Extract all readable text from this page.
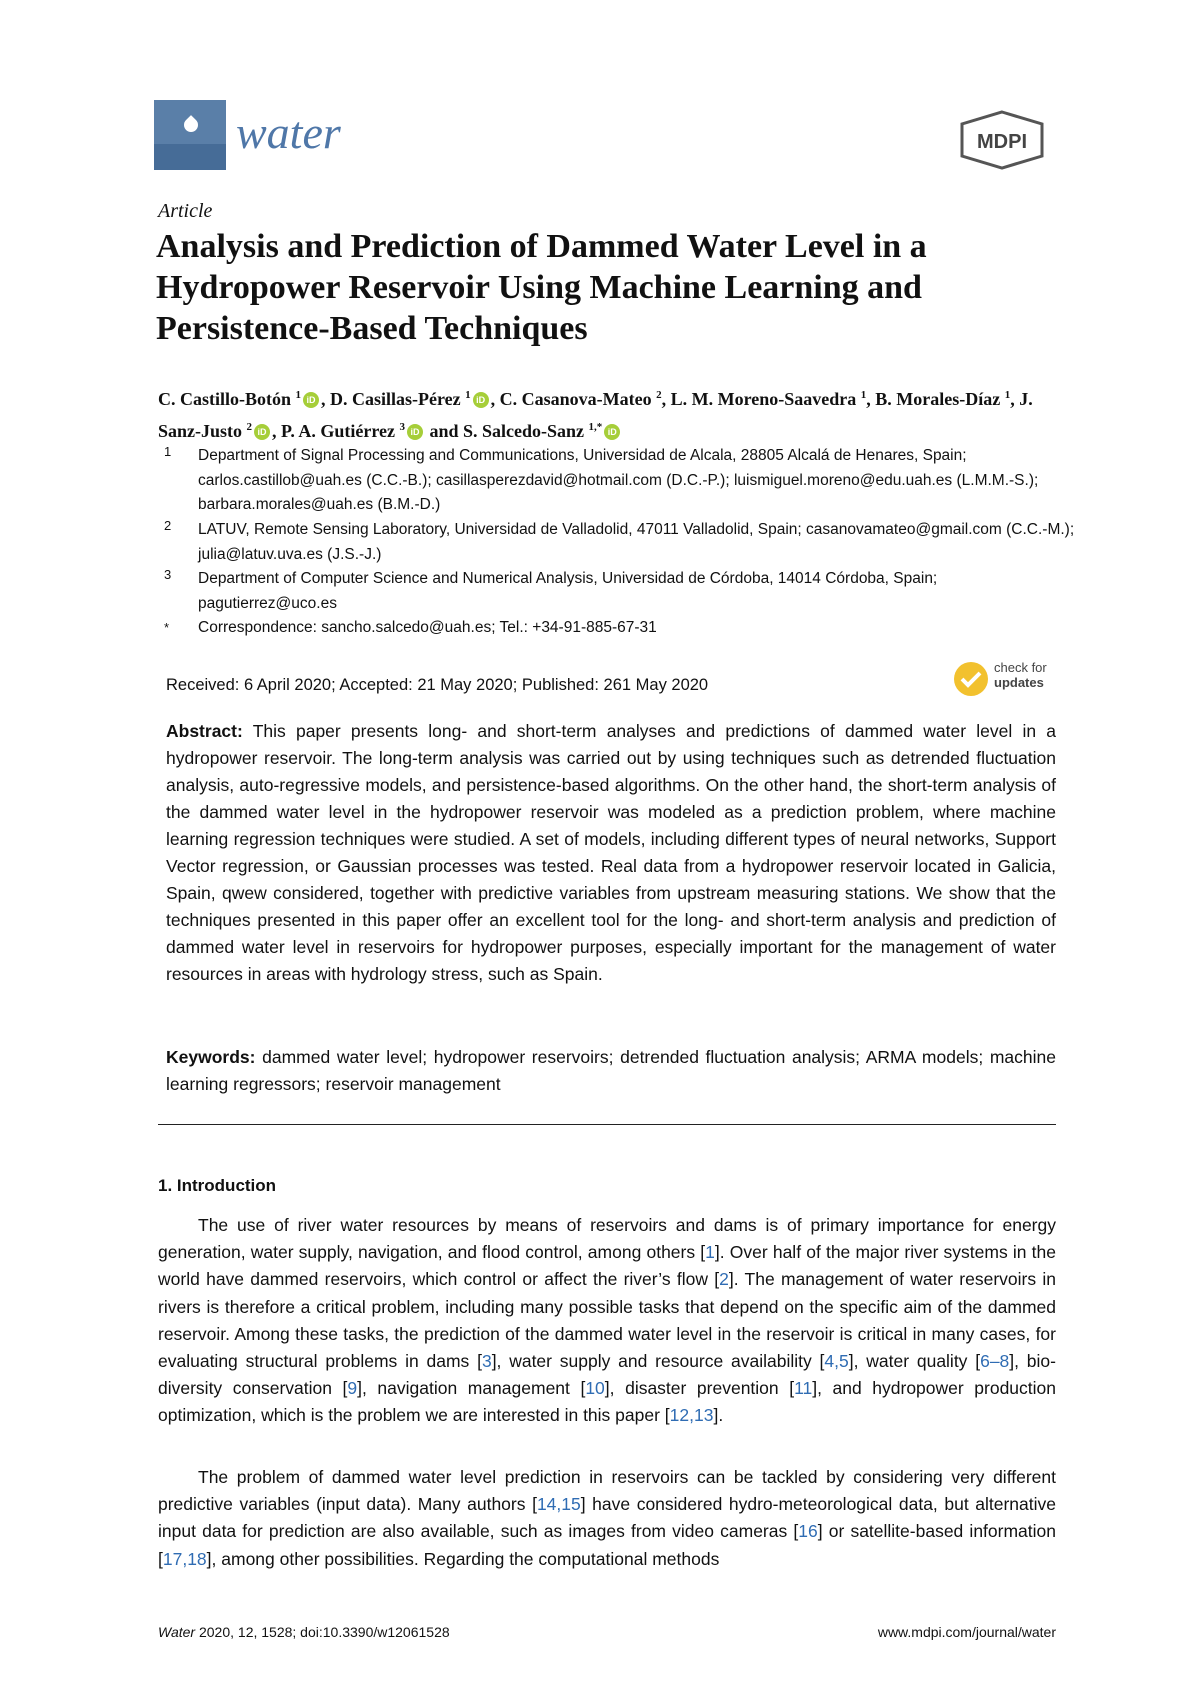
water	MDPI
Article
Analysis and Prediction of Dammed Water Level in a Hydropower Reservoir Using Machine Learning and Persistence-Based Techniques

C. Castillo-Botón $^1$ iD , D. Casillas-Pérez $^1$ iD , C. Casanova-Mateo $^2$, L. M. Moreno-Saavedra $^1$, B. Morales-Díaz $^1$, J. Sanz-Justo $^2$ iD , P. A. Gutiérrez $^3$ iD and S. Salcedo-Sanz $^{1,*}$ iD

1 Department of Signal Processing and Communications, Universidad de Alcala, 28805 Alcalá de Henares, Spain; carlos.castillob@uah.es (C.C.-B.); casillasperezdavid@hotmail.com (D.C.-P.); luismiguel.moreno@edu.uah.es (L.M.M.-S.); barbara.morales@uah.es (B.M.-D.)

2 LATUV, Remote Sensing Laboratory, Universidad de Valladolid, 47011 Valladolid, Spain; casanovamateo@gmail.com (C.C.-M.); julia@latuv.uva.es (J.S.-J.)

3 Department of Computer Science and Numerical Analysis, Universidad de Córdoba, 14014 Córdoba, Spain; pagutierrez@uco.es

* Correspondence: sancho.salcedo@uah.es; Tel.: +34-91-885-67-31

Received: 6 April 2020; Accepted: 21 May 2020; Published: 261 May 2020
check for
updates

Abstract: This paper presents long- and short-term analyses and predictions of dammed water level in a hydropower reservoir. The long-term analysis was carried out by using techniques such as detrended fluctuation analysis, auto-regressive models, and persistence-based algorithms. On the other hand, the short-term analysis of the dammed water level in the hydropower reservoir was modeled as a prediction problem, where machine learning regression techniques were studied. A set of models, including different types of neural networks, Support Vector regression, or Gaussian processes was tested. Real data from a hydropower reservoir located in Galicia, Spain, qwew considered, together with predictive variables from upstream measuring stations. We show that the techniques presented in this paper offer an excellent tool for the long- and short-term analysis and prediction of dammed water level in reservoirs for hydropower purposes, especially important for the management of water resources in areas with hydrology stress, such as Spain.

Keywords: dammed water level; hydropower reservoirs; detrended fluctuation analysis; ARMA models; machine learning regressors; reservoir management

1. Introduction

The use of river water resources by means of reservoirs and dams is of primary importance for energy generation, water supply, navigation, and flood control, among others [1]. Over half of the major river systems in the world have dammed reservoirs, which control or affect the river’s flow [2]. The management of water reservoirs in rivers is therefore a critical problem, including many possible tasks that depend on the specific aim of the dammed reservoir. Among these tasks, the prediction of the dammed water level in the reservoir is critical in many cases, for evaluating structural problems in dams [3], water supply and resource availability [4,5], water quality [6–8], bio-diversity conservation [9], navigation management [10], disaster prevention [11], and hydropower production optimization, which is the problem we are interested in this paper [12,13].

The problem of dammed water level prediction in reservoirs can be tackled by considering very different predictive variables (input data). Many authors [14,15] have considered hydro-meteorological data, but alternative input data for prediction are also available, such as images from video cameras [16] or satellite-based information [17,18], among other possibilities. Regarding the computational methods

Water 2020, 12, 1528; doi:10.3390/w12061528	www.mdpi.com/journal/water
